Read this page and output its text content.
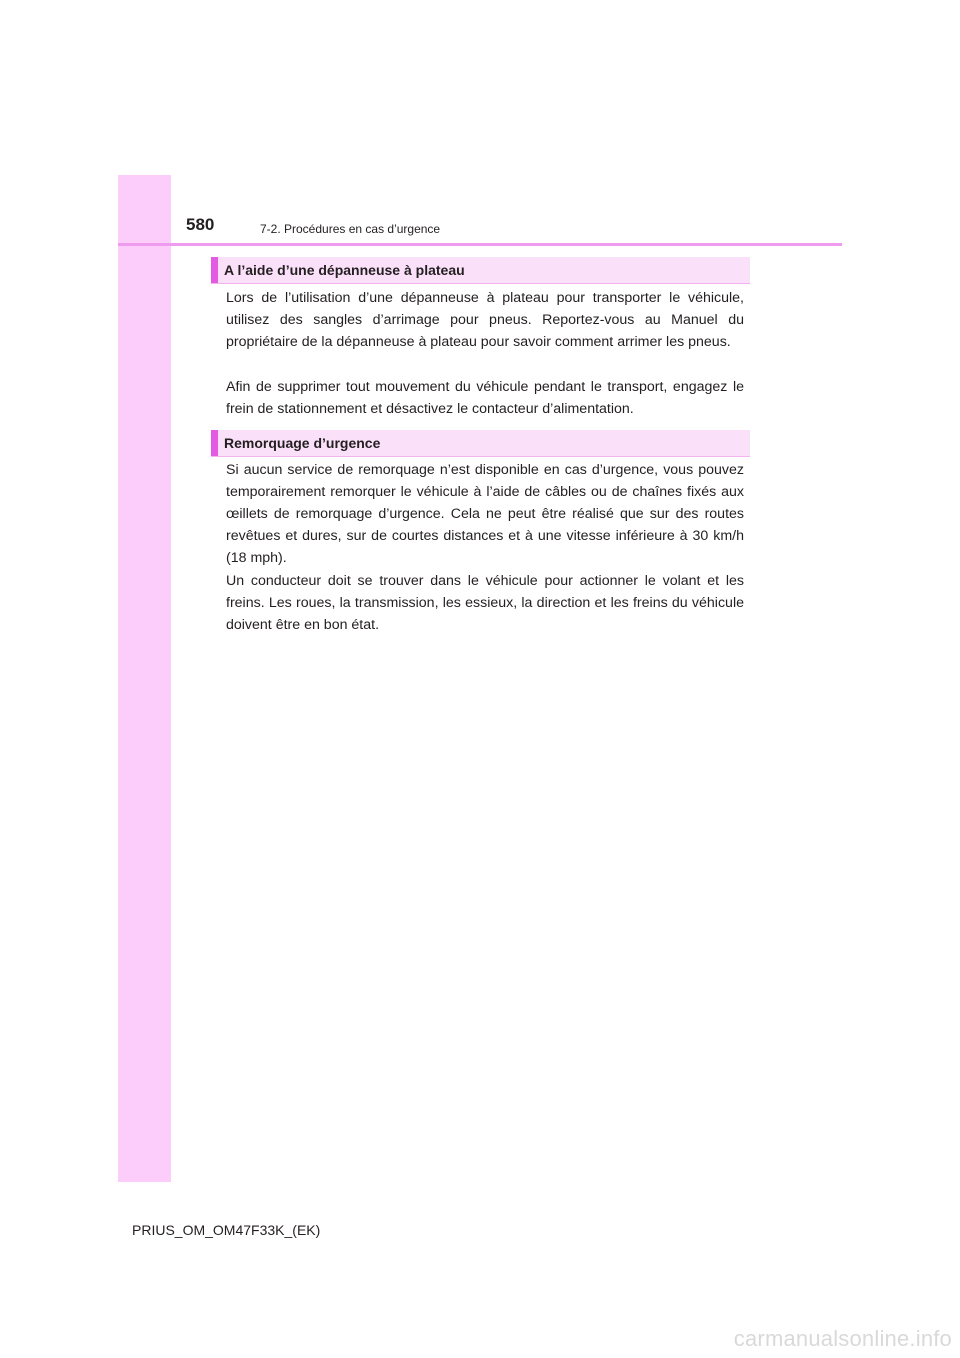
580	7-2. Procédures en cas d’urgence
A l’aide d’une dépanneuse à plateau

Lors de l’utilisation d’une dépanneuse à plateau pour transporter le véhicule, utilisez des sangles d’arrimage pour pneus. Reportez-vous au Manuel du propriétaire de la dépanneuse à plateau pour savoir comment arrimer les pneus.

Afin de supprimer tout mouvement du véhicule pendant le transport, engagez le frein de stationnement et désactivez le contacteur d’alimentation.

Remorquage d’urgence

Si aucun service de remorquage n’est disponible en cas d’urgence, vous pouvez temporairement remorquer le véhicule à l’aide de câbles ou de chaînes fixés aux œillets de remorquage d’urgence. Cela ne peut être réalisé que sur des routes revêtues et dures, sur de courtes distances et à une vitesse inférieure à 30 km/h (18 mph).

Un conducteur doit se trouver dans le véhicule pour actionner le volant et les freins. Les roues, la transmission, les essieux, la direction et les freins du véhicule doivent être en bon état.

PRIUS_OM_OM47F33K_(EK)
carmanualsonline.info
